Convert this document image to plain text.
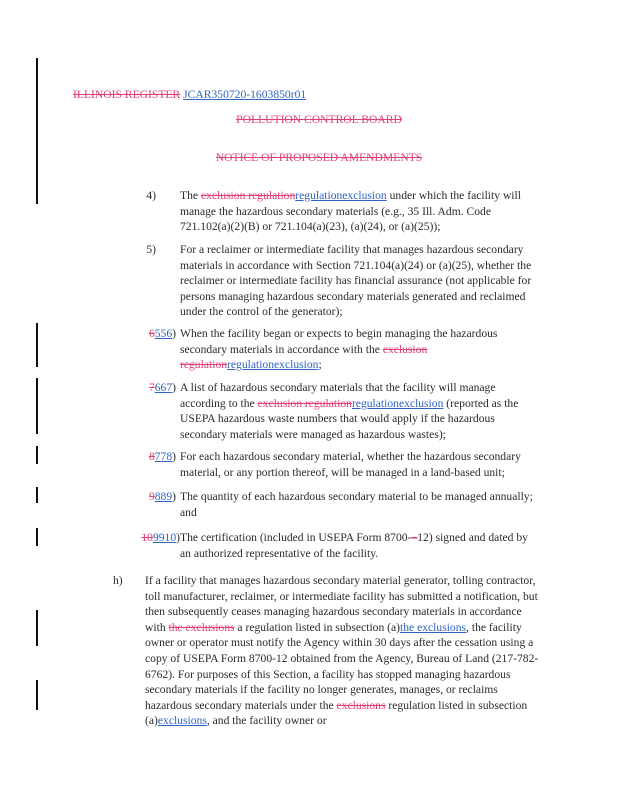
ILLINOIS REGISTER JCAR350720-1603850r01
POLLUTION CONTROL BOARD
NOTICE OF PROPOSED AMENDMENTS
4) The exclusion regulationregulationexclusion under which the facility will manage the hazardous secondary materials (e.g., 35 Ill. Adm. Code 721.102(a)(2)(B) or 721.104(a)(23), (a)(24), or (a)(25));
5) For a reclaimer or intermediate facility that manages hazardous secondary materials in accordance with Section 721.104(a)(24) or (a)(25), whether the reclaimer or intermediate facility has financial assurance (not applicable for persons managing hazardous secondary materials generated and reclaimed under the control of the generator);
6556) When the facility began or expects to begin managing the hazardous secondary materials in accordance with the exclusion regulationregulationexclusion;
7667) A list of hazardous secondary materials that the facility will manage according to the exclusion regulationregulationexclusion (reported as the USEPA hazardous waste numbers that would apply if the hazardous secondary materials were managed as hazardous wastes);
8778) For each hazardous secondary material, whether the hazardous secondary material, or any portion thereof, will be managed in a land-based unit;
9889) The quantity of each hazardous secondary material to be managed annually; and
109910) The certification (included in USEPA Form 8700-–12) signed and dated by an authorized representative of the facility.
h) If a facility that manages hazardous secondary material generator, tolling contractor, toll manufacturer, reclaimer, or intermediate facility has submitted a notification, but then subsequently ceases managing hazardous secondary materials in accordance with the exclusions a regulation listed in subsection (a)the exclusions, the facility owner or operator must notify the Agency within 30 days after the cessation using a copy of USEPA Form 8700-12 obtained from the Agency, Bureau of Land (217-782-6762). For purposes of this Section, a facility has stopped managing hazardous secondary materials if the facility no longer generates, manages, or reclaims hazardous secondary materials under the exclusions regulation listed in subsection (a)exclusions, and the facility owner or
